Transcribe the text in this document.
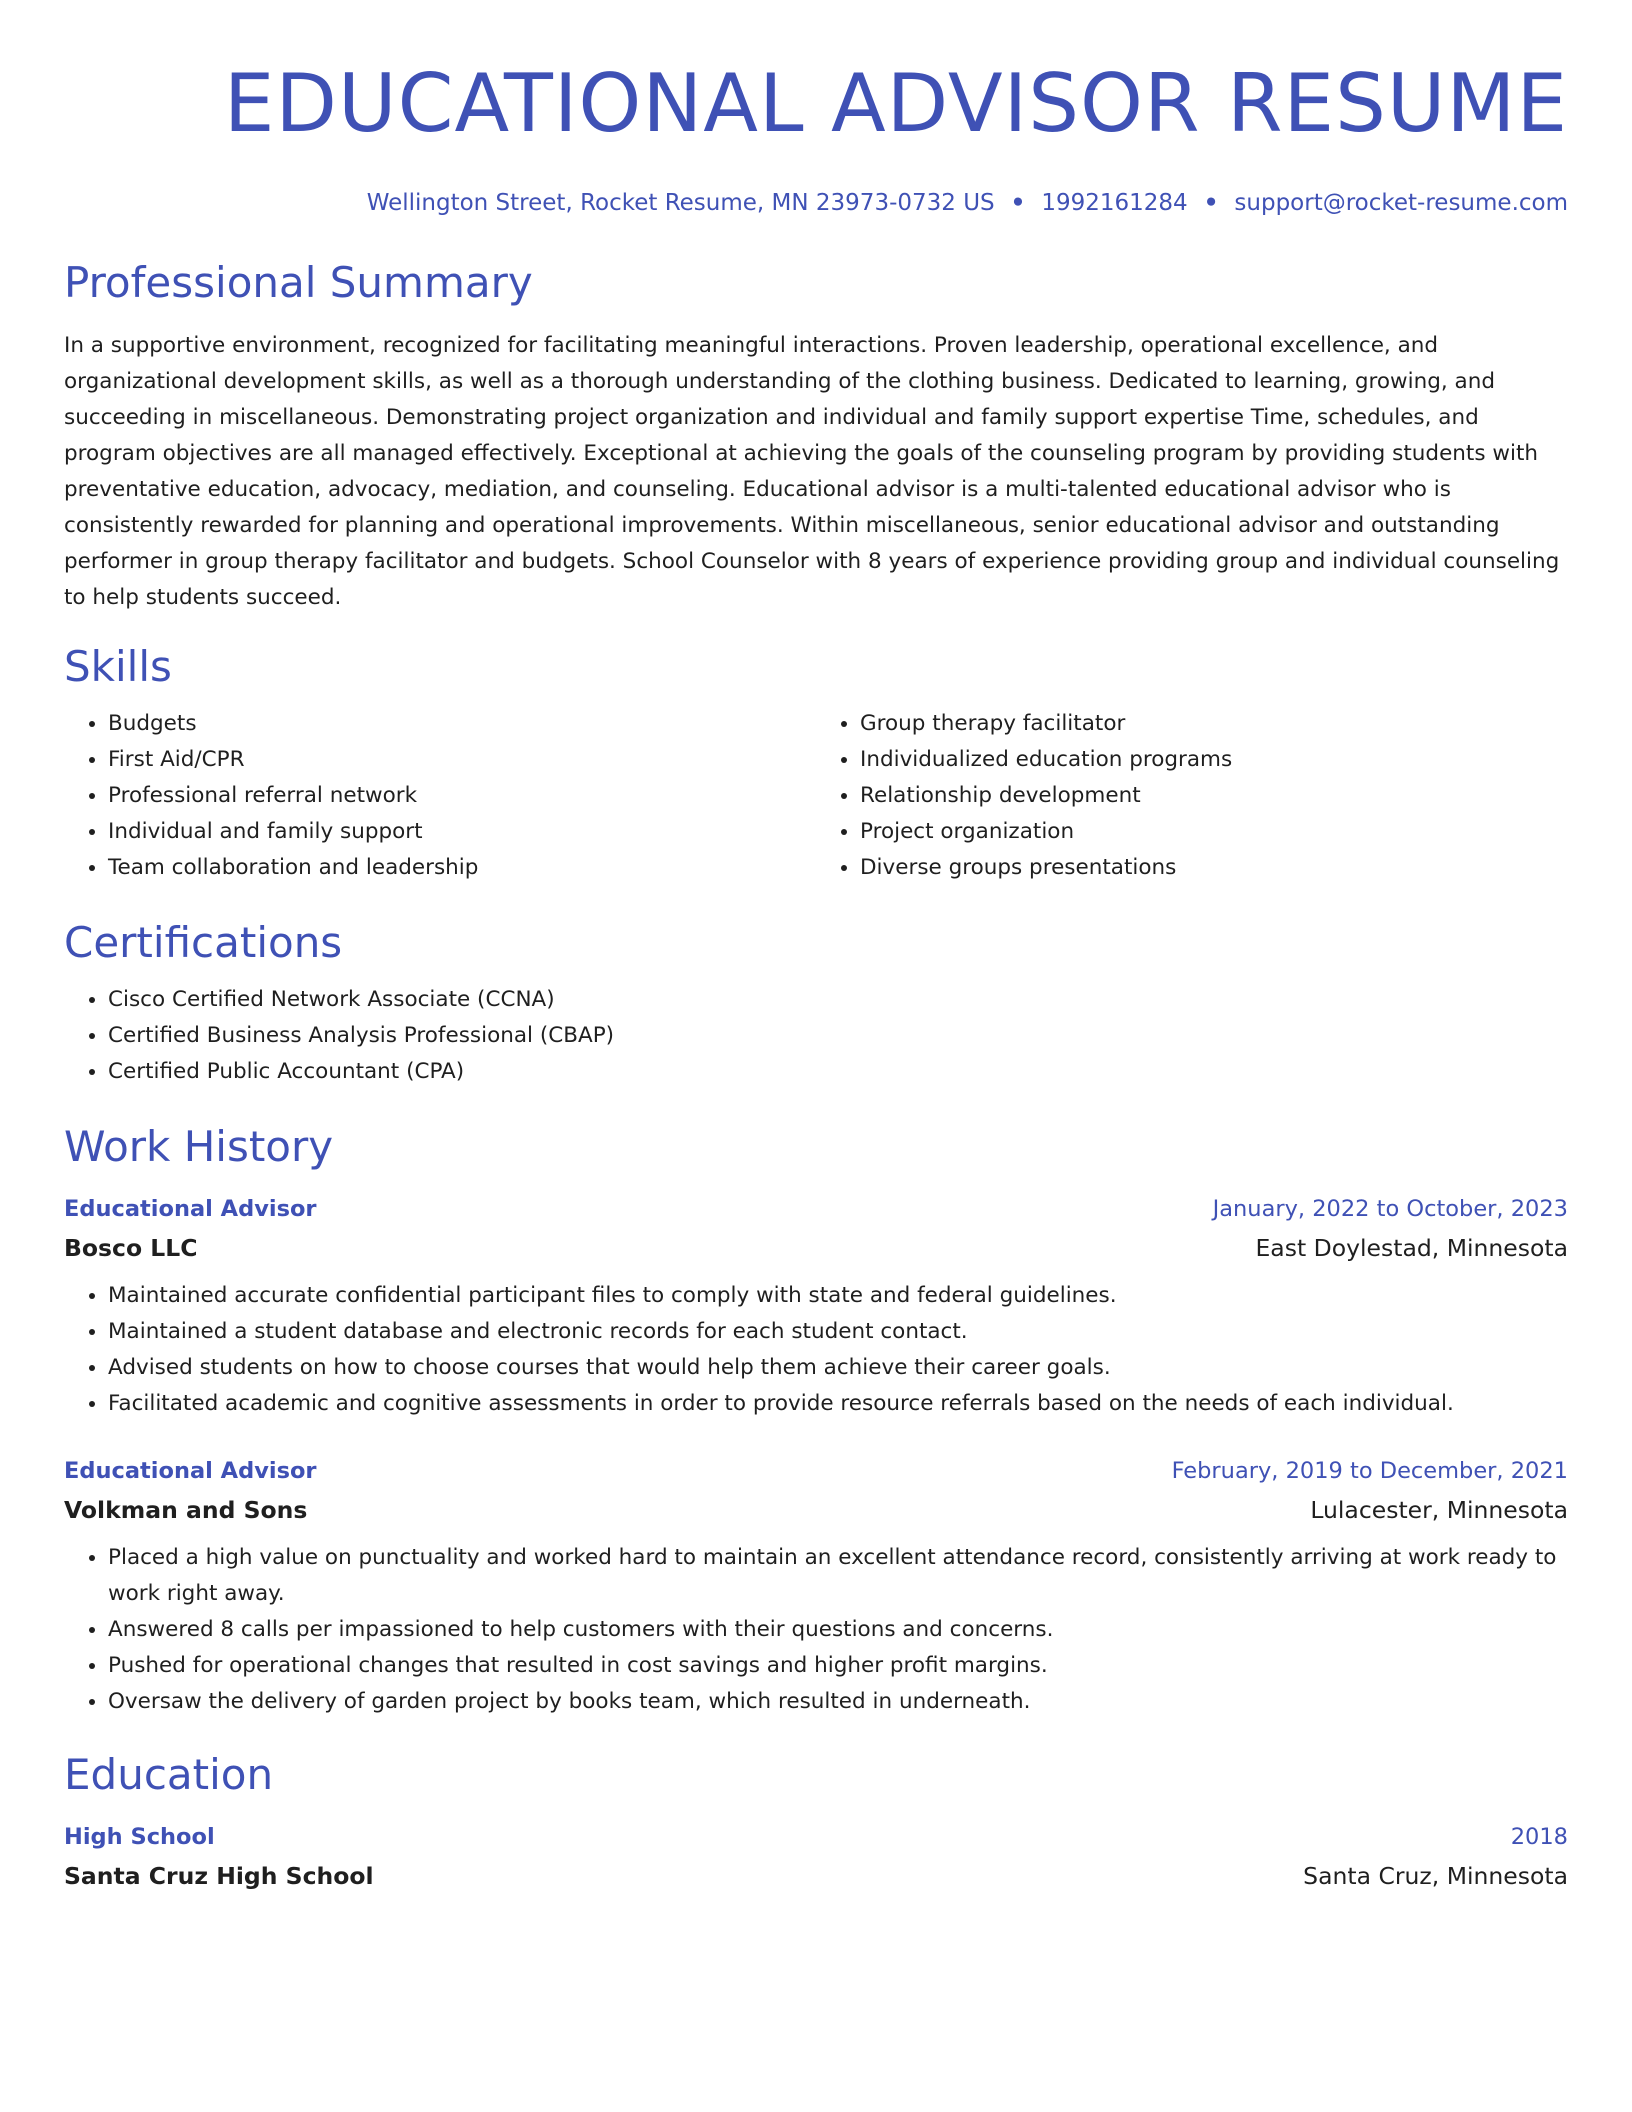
EDUCATIONAL ADVISOR RESUME
Wellington Street, Rocket Resume, MN 23973-0732 US • 1992161284 • support@rocket-resume.com
Professional Summary
In a supportive environment, recognized for facilitating meaningful interactions. Proven leadership, operational excellence, and organizational development skills, as well as a thorough understanding of the clothing business. Dedicated to learning, growing, and succeeding in miscellaneous. Demonstrating project organization and individual and family support expertise Time, schedules, and program objectives are all managed effectively. Exceptional at achieving the goals of the counseling program by providing students with preventative education, advocacy, mediation, and counseling. Educational advisor is a multi-talented educational advisor who is consistently rewarded for planning and operational improvements. Within miscellaneous, senior educational advisor and outstanding performer in group therapy facilitator and budgets. School Counselor with 8 years of experience providing group and individual counseling to help students succeed.
Skills
• Budgets
• First Aid/CPR
• Professional referral network
• Individual and family support
• Team collaboration and leadership
• Group therapy facilitator
• Individualized education programs
• Relationship development
• Project organization
• Diverse groups presentations
Certifications
• Cisco Certified Network Associate (CCNA)
• Certified Business Analysis Professional (CBAP)
• Certified Public Accountant (CPA)
Work History
Educational Advisor	January, 2022 to October, 2023
Bosco LLC	East Doylestad, Minnesota
• Maintained accurate confidential participant files to comply with state and federal guidelines.
• Maintained a student database and electronic records for each student contact.
• Advised students on how to choose courses that would help them achieve their career goals.
• Facilitated academic and cognitive assessments in order to provide resource referrals based on the needs of each individual.
Educational Advisor	February, 2019 to December, 2021
Volkman and Sons	Lulacester, Minnesota
• Placed a high value on punctuality and worked hard to maintain an excellent attendance record, consistently arriving at work ready to work right away.
• Answered 8 calls per impassioned to help customers with their questions and concerns.
• Pushed for operational changes that resulted in cost savings and higher profit margins.
• Oversaw the delivery of garden project by books team, which resulted in underneath.
Education
High School	2018
Santa Cruz High School	Santa Cruz, Minnesota
